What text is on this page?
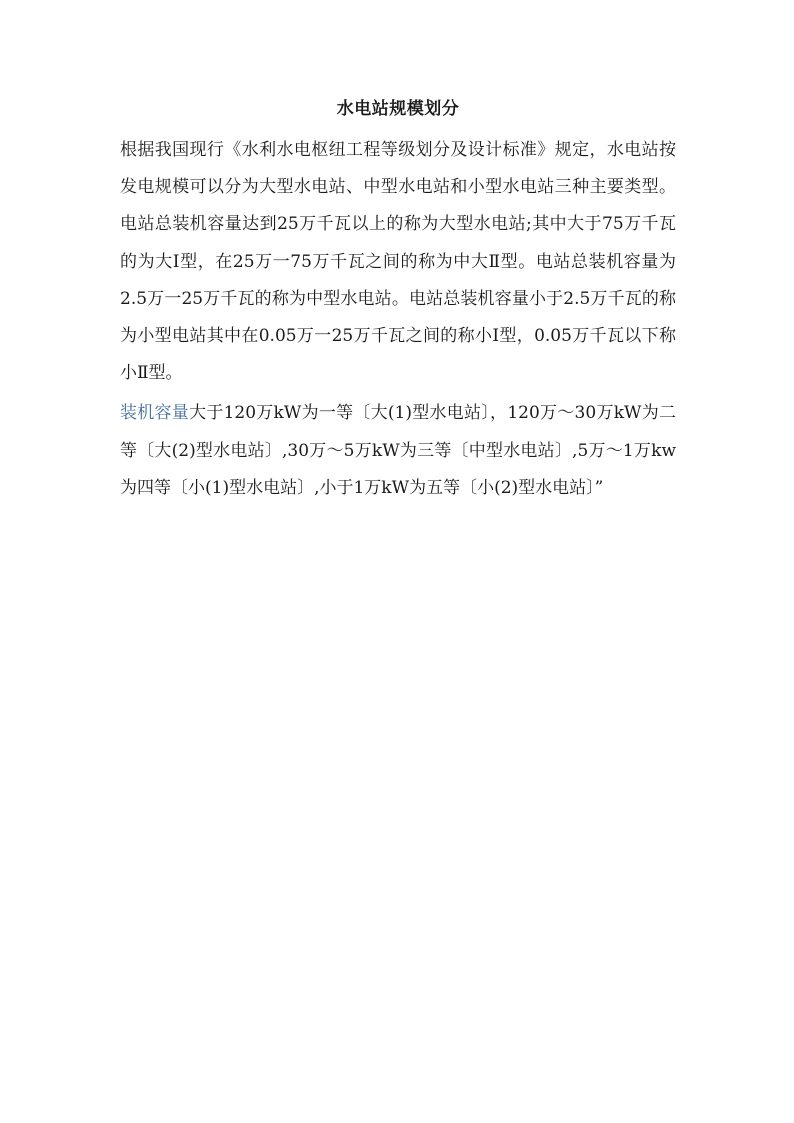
水电站规模划分

根据我国现行《水利水电枢纽工程等级划分及设计标准》规定，水电站按发电规模可以分为大型水电站、中型水电站和小型水电站三种主要类型。电站总装机容量达到25万千瓦以上的称为大型水电站;其中大于75万千瓦的为大Ⅰ型，在25万一75万千瓦之间的称为中大Ⅱ型。电站总装机容量为2.5万一25万千瓦的称为中型水电站。电站总装机容量小于2.5万千瓦的称为小型电站其中在0.05万一25万千瓦之间的称小Ⅰ型，0.05万千瓦以下称小Ⅱ型。

装机容量大于120万kW为一等〔大(1)型水电站〕，120万～30万kW为二等〔大(2)型水电站〕,30万～5万kW为三等〔中型水电站〕,5万～1万kw为四等〔小(1)型水电站〕,小于1万kW为五等〔小(2)型水电站〕”
